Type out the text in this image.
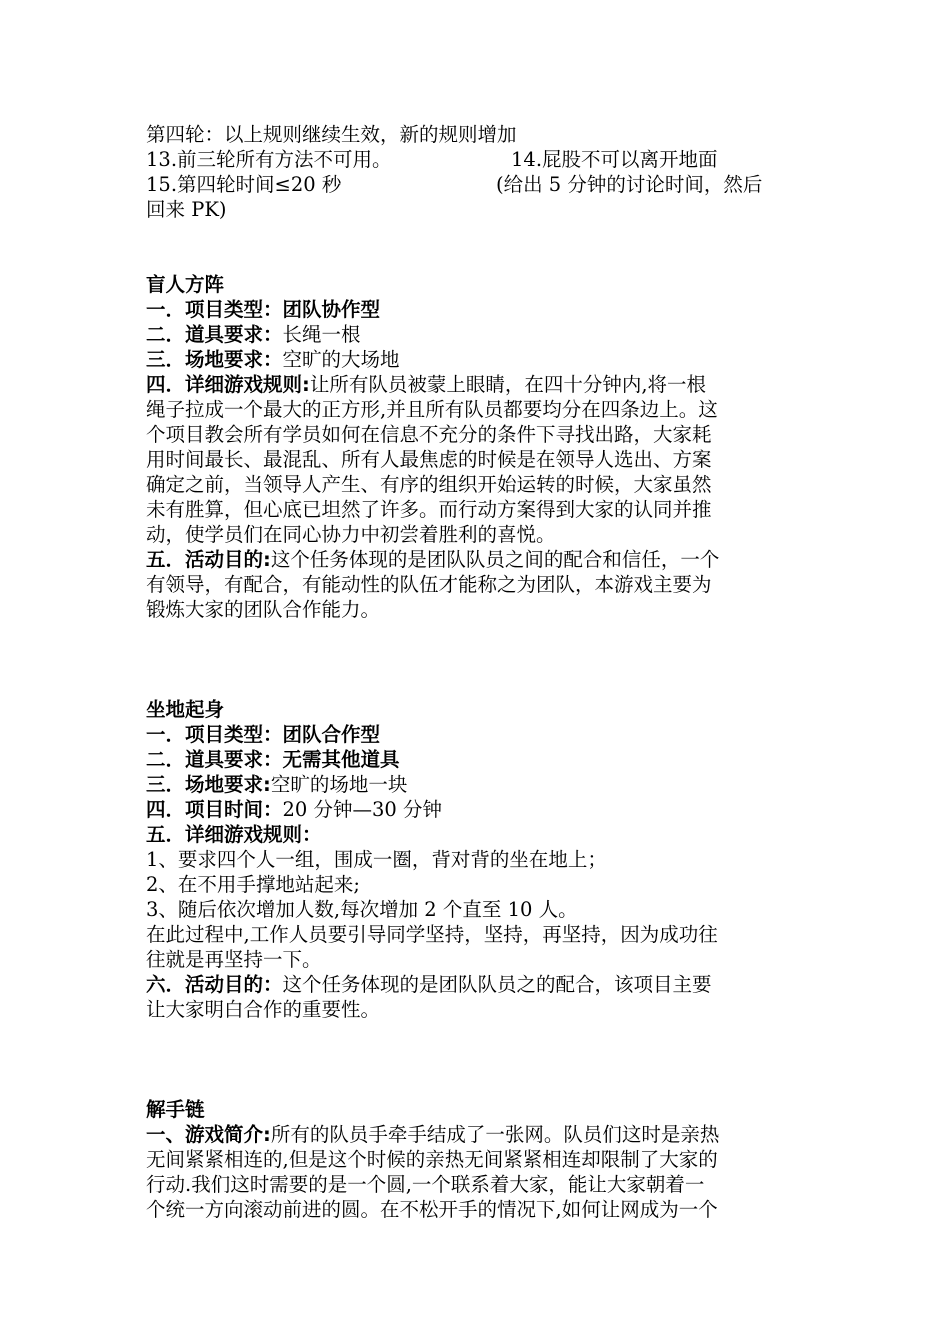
第四轮：以上规则继续生效，新的规则增加
13.前三轮所有方法不可用。	14.屁股不可以离开地面
15.第四轮时间≤20 秒	(给出 5 分钟的讨论时间，然后
回来 PK)
盲人方阵
一．项目类型：团队协作型
二．道具要求：长绳一根
三．场地要求：空旷的大场地
四．详细游戏规则:让所有队员被蒙上眼睛，在四十分钟内,将一根
绳子拉成一个最大的正方形,并且所有队员都要均分在四条边上。这
个项目教会所有学员如何在信息不充分的条件下寻找出路，大家耗
用时间最长、最混乱、所有人最焦虑的时候是在领导人选出、方案
确定之前，当领导人产生、有序的组织开始运转的时候，大家虽然
未有胜算，但心底已坦然了许多。而行动方案得到大家的认同并推
动，使学员们在同心协力中初尝着胜利的喜悦。
五．活动目的:这个任务体现的是团队队员之间的配合和信任，一个
有领导，有配合，有能动性的队伍才能称之为团队，本游戏主要为
锻炼大家的团队合作能力。
坐地起身
一．项目类型：团队合作型
二．道具要求：无需其他道具
三．场地要求:空旷的场地一块
四．项目时间：20 分钟—30 分钟
五．详细游戏规则：
1、要求四个人一组，围成一圈，背对背的坐在地上；
2、在不用手撑地站起来;
3、随后依次增加人数,每次增加 2 个直至 10 人。
在此过程中,工作人员要引导同学坚持，坚持，再坚持，因为成功往
往就是再坚持一下。
六．活动目的：这个任务体现的是团队队员之的配合，该项目主要
让大家明白合作的重要性。
解手链
一、游戏简介:所有的队员手牵手结成了一张网。队员们这时是亲热
无间紧紧相连的,但是这个时候的亲热无间紧紧相连却限制了大家的
行动.我们这时需要的是一个圆,一个联系着大家，能让大家朝着一
个统一方向滚动前进的圆。在不松开手的情况下,如何让网成为一个
